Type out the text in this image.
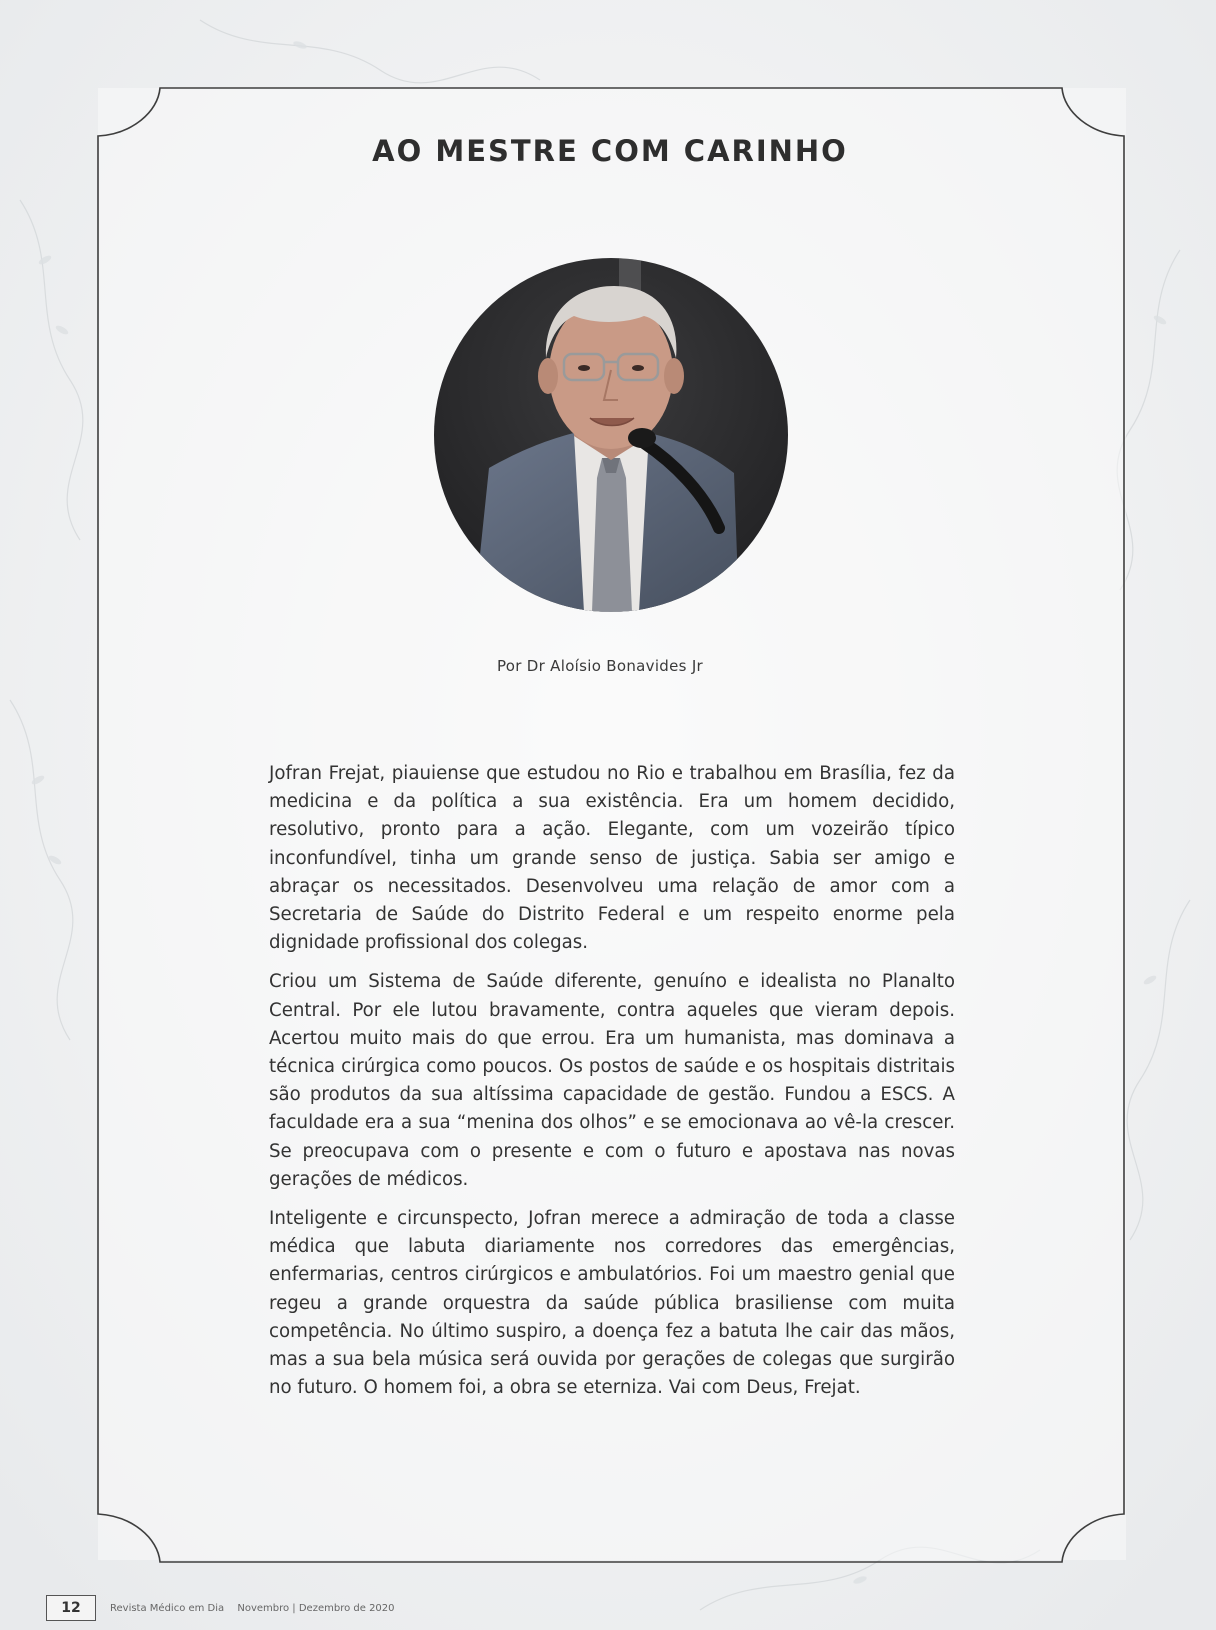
AO MESTRE COM CARINHO
Por Dr Aloísio Bonavides Jr

Jofran Frejat, piauiense que estudou no Rio e trabalhou em Brasília, fez da medicina e da política a sua existência. Era um homem decidido, resolutivo, pronto para a ação. Elegante, com um vozeirão típico inconfundível, tinha um grande senso de justiça. Sabia ser amigo e abraçar os necessitados. Desenvolveu uma relação de amor com a Secretaria de Saúde do Distrito Federal e um respeito enorme pela dignidade profissional dos colegas.

Criou um Sistema de Saúde diferente, genuíno e idealista no Planalto Central. Por ele lutou bravamente, contra aqueles que vieram depois. Acertou muito mais do que errou. Era um humanista, mas dominava a técnica cirúrgica como poucos. Os postos de saúde e os hospitais distritais são produtos da sua altíssima capacidade de gestão. Fundou a ESCS. A faculdade era a sua “menina dos olhos” e se emocionava ao vê-la crescer. Se preocupava com o presente e com o futuro e apostava nas novas gerações de médicos.

Inteligente e circunspecto, Jofran merece a admiração de toda a classe médica que labuta diariamente nos corredores das emergências, enfermarias, centros cirúrgicos e ambulatórios. Foi um maestro genial que regeu a grande orquestra da saúde pública brasiliense com muita competência. No último suspiro, a doença fez a batuta lhe cair das mãos, mas a sua bela música será ouvida por gerações de colegas que surgirão no futuro. O homem foi, a obra se eterniza. Vai com Deus, Frejat.

12	Revista Médico em Dia Novembro | Dezembro de 2020
